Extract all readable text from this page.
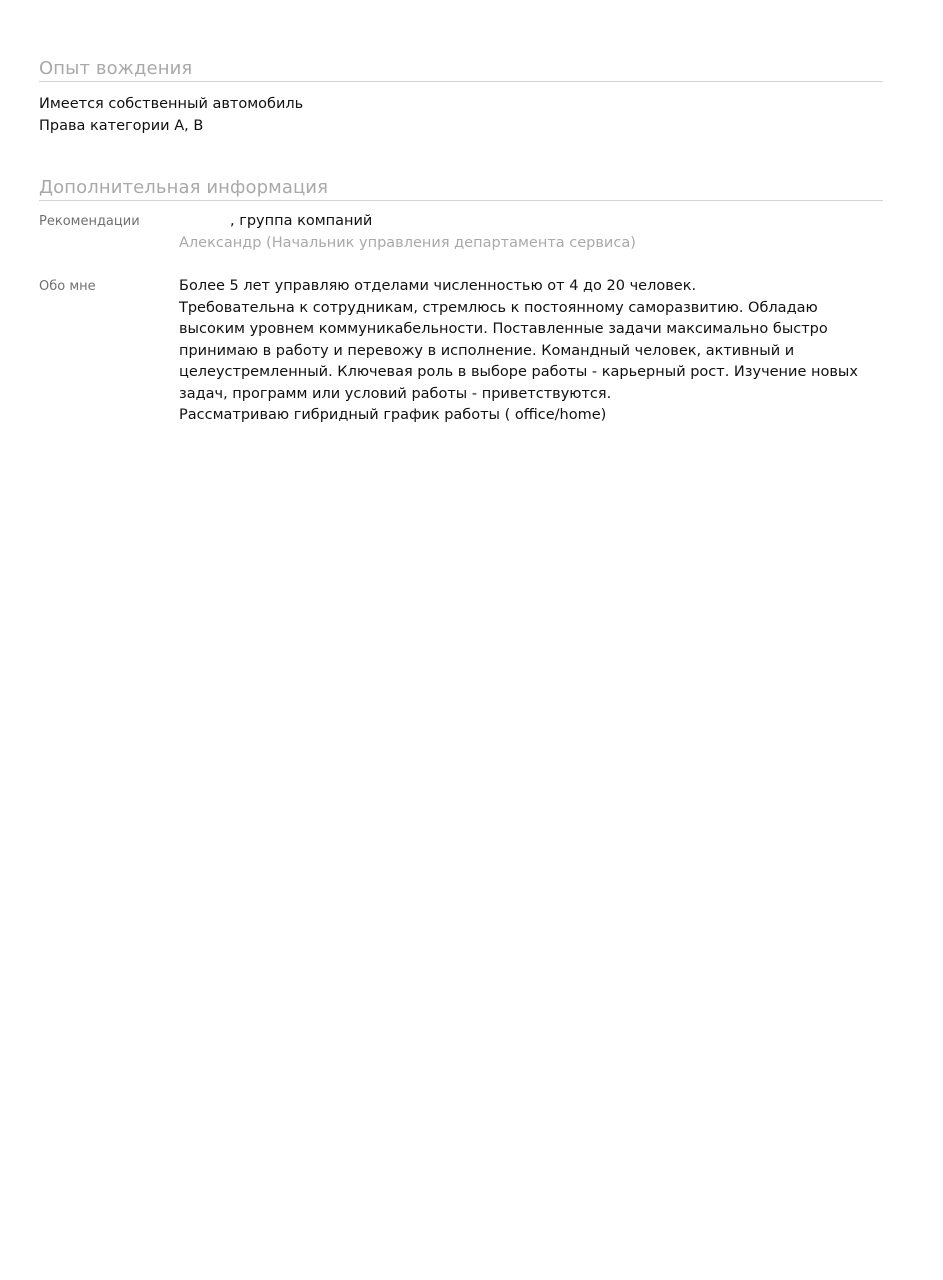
Опыт вождения
Имеется собственный автомобиль
Права категории A, B
Дополнительная информация
Рекомендации	, группа компаний
Александр (Начальник управления департамента сервиса)
Обо мне	Более 5 лет управляю отделами численностью от 4 до 20 человек.
Требовательна к сотрудникам, стремлюсь к постоянному саморазвитию. Обладаю высоким уровнем коммуникабельности. Поставленные задачи максимально быстро принимаю в работу и перевожу в исполнение. Командный человек, активный и целеустремленный. Ключевая роль в выборе работы - карьерный рост. Изучение новых задач, программ или условий работы - приветствуются.
Рассматриваю гибридный график работы ( office/home)
